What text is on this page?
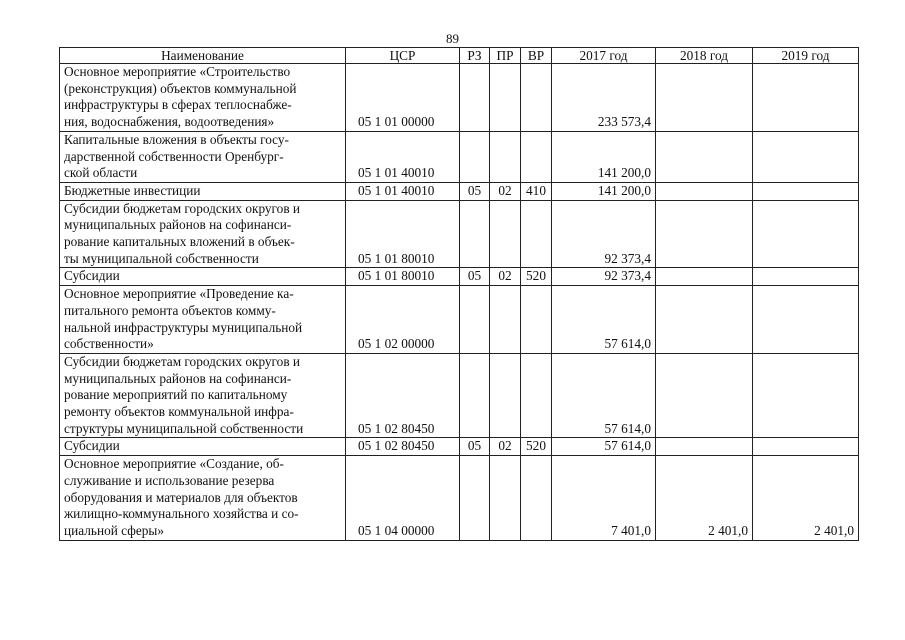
89
Наименование	ЦСР	РЗ	ПР	ВР	2017 год	2018 год	2019 год

Основное мероприятие «Строительство
(реконструкция) объектов коммунальной
инфраструктуры в сферах теплоснабже-
ния, водоснабжения, водоотведения»	05 1 01 00000				233 573,4		

Капитальные вложения в объекты госу-
дарственной собственности Оренбург-
ской области	05 1 01 40010				141 200,0		

Бюджетные инвестиции	05 1 01 40010	05	02	410	141 200,0		

Субсидии бюджетам городских округов и
муниципальных районов на софинанси-
рование капитальных вложений в объек-
ты муниципальной собственности	05 1 01 80010				92 373,4		

Субсидии	05 1 01 80010	05	02	520	92 373,4		

Основное мероприятие «Проведение ка-
питального ремонта объектов комму-
нальной инфраструктуры муниципальной
собственности»	05 1 02 00000				57 614,0		

Субсидии бюджетам городских округов и
муниципальных районов на софинанси-
рование мероприятий по капитальному
ремонту объектов коммунальной инфра-
структуры муниципальной собственности	05 1 02 80450				57 614,0		

Субсидии	05 1 02 80450	05	02	520	57 614,0		

Основное мероприятие «Создание, об-
служивание и использование резерва
оборудования и материалов для объектов
жилищно-коммунального хозяйства и со-
циальной сферы»	05 1 04 00000				7 401,0	2 401,0	2 401,0
